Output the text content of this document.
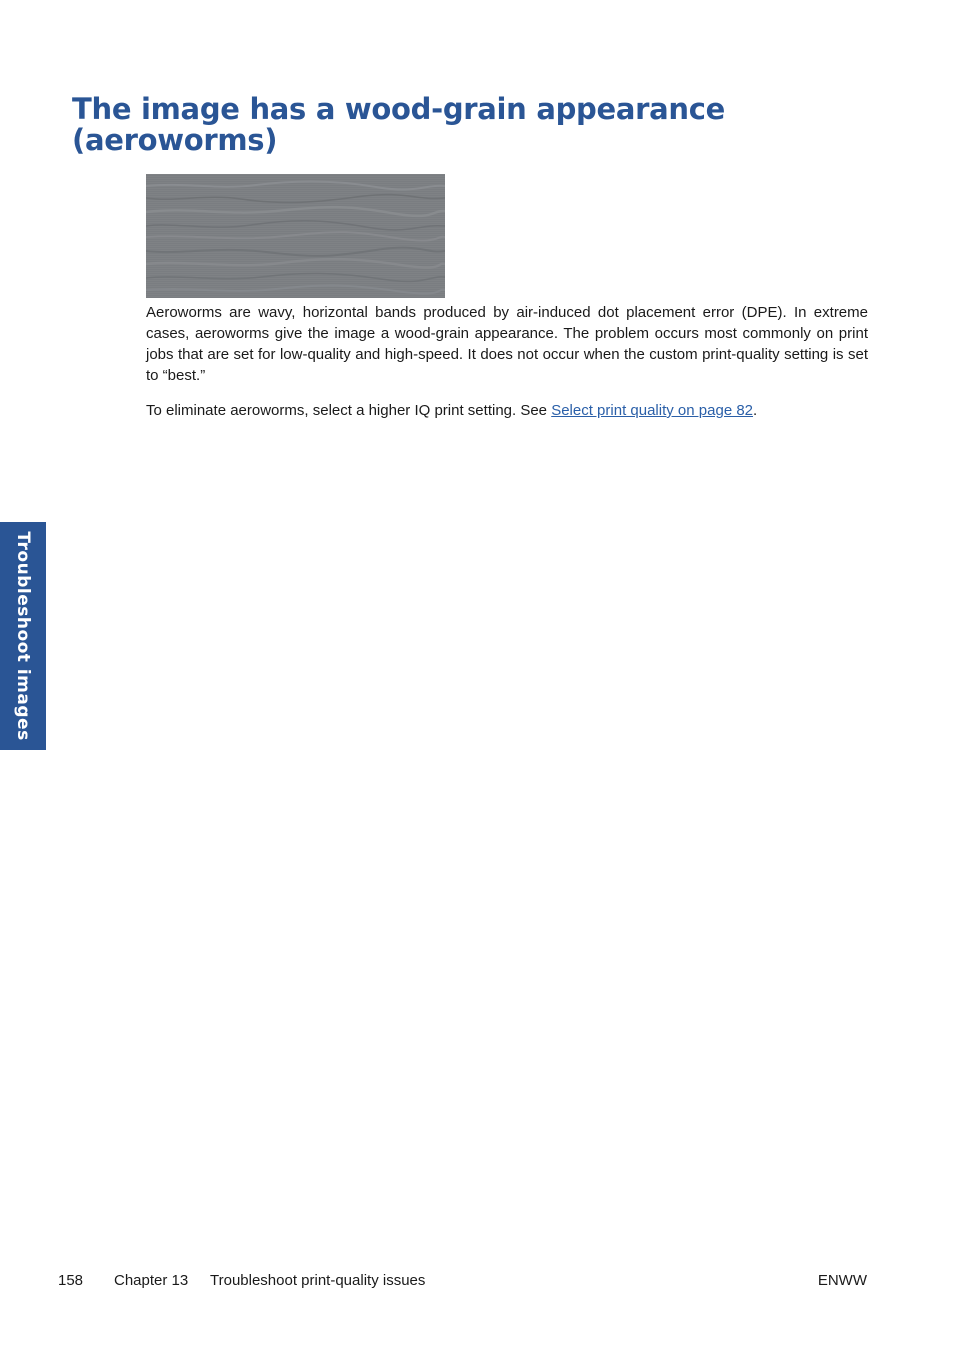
The image has a wood-grain appearance
(aeroworms)

Aeroworms are wavy, horizontal bands produced by air-induced dot placement error (DPE). In extreme cases, aeroworms give the image a wood-grain appearance. The problem occurs most commonly on print jobs that are set for low-quality and high-speed. It does not occur when the custom print-quality setting is set to “best.”

To eliminate aeroworms, select a higher IQ print setting. See Select print quality on page 82.

Troubleshoot images
158 Chapter 13 Troubleshoot print-quality issues	ENWW
